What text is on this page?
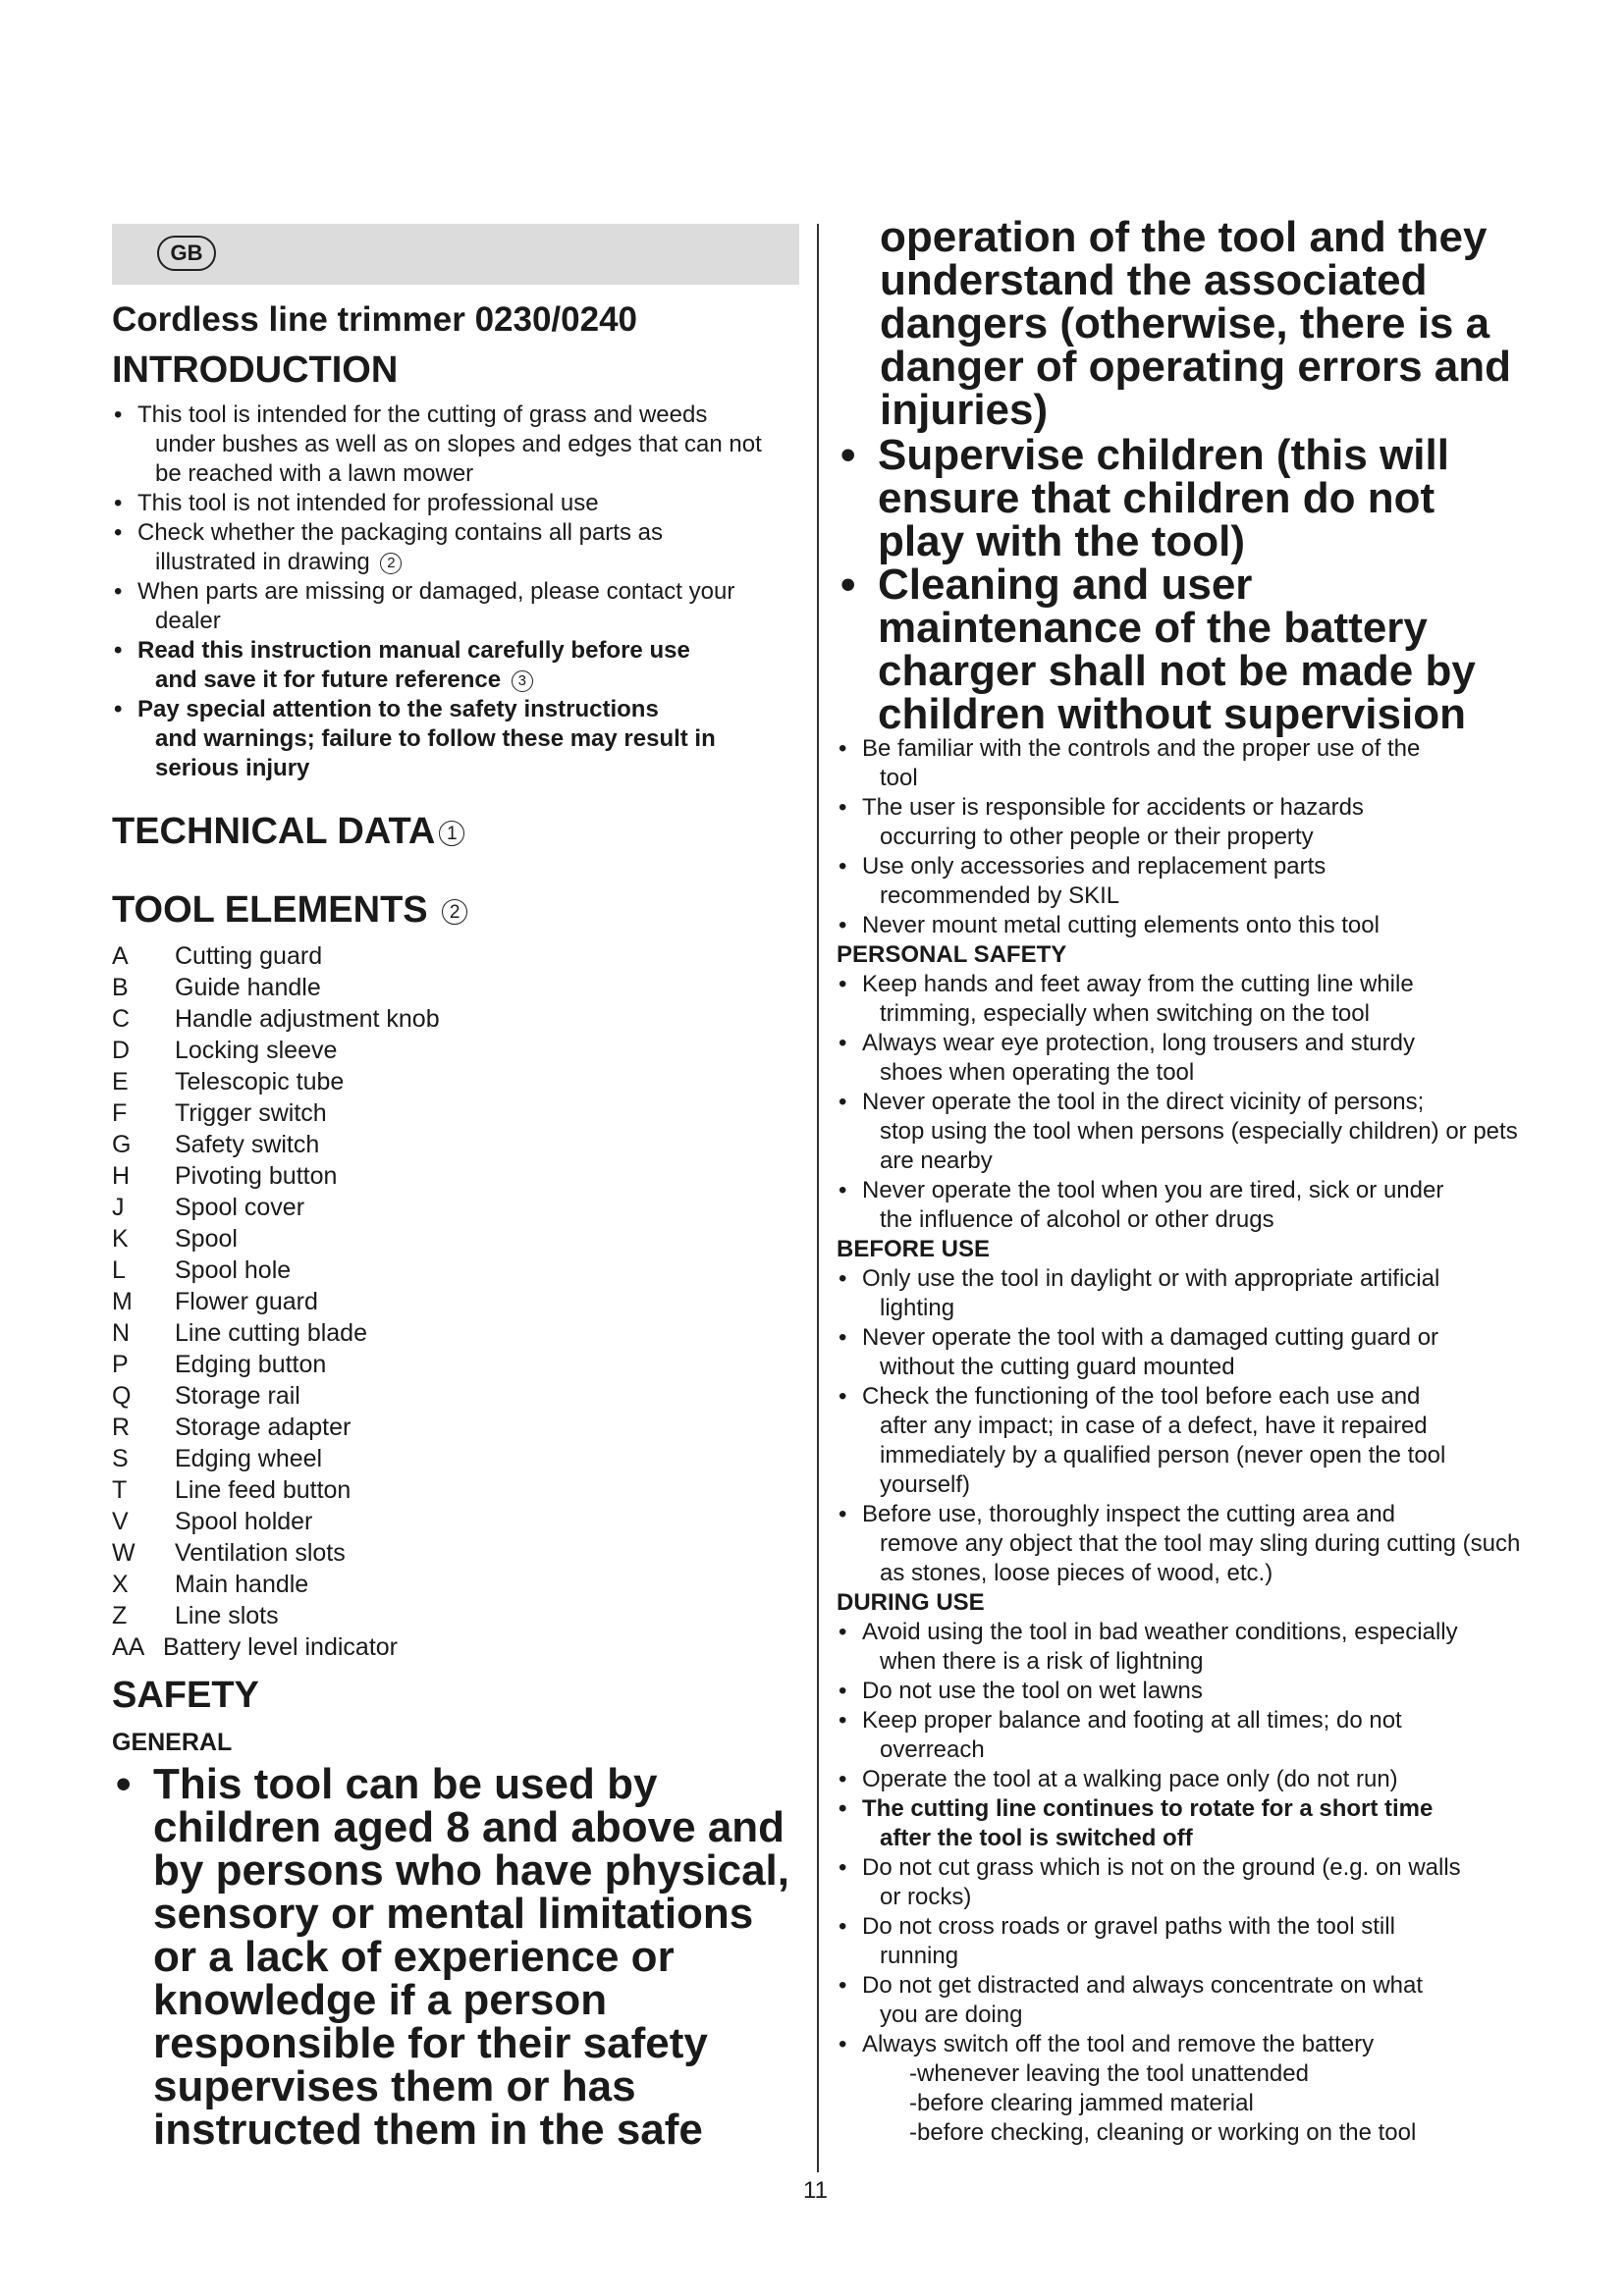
GB
Cordless line trimmer 0230/0240
INTRODUCTION
• This tool is intended for the cutting of grass and weeds
under bushes as well as on slopes and edges that can not be reached with a lawn mower
• This tool is not intended for professional use
• Check whether the packaging contains all parts as
illustrated in drawing 2
• When parts are missing or damaged, please contact your
dealer
• Read this instruction manual carefully before use
and save it for future reference 3
• Pay special attention to the safety instructions
and warnings; failure to follow these may result in serious injury
TECHNICAL DATA 1
TOOL ELEMENTS 2
A	Cutting guard
B	Guide handle
C	Handle adjustment knob
D	Locking sleeve
E	Telescopic tube
F	Trigger switch
G	Safety switch
H	Pivoting button
J	Spool cover
K	Spool
L	Spool hole
M	Flower guard
N	Line cutting blade
P	Edging button
Q	Storage rail
R	Storage adapter
S	Edging wheel
T	Line feed button
V	Spool holder
W	Ventilation slots
X	Main handle
Z	Line slots
AA Battery level indicator
SAFETY
GENERAL
• This tool can be used by children aged 8 and above and by persons who have physical, sensory or mental limitations or a lack of experience or knowledge if a person responsible for their safety supervises them or has instructed them in the safe
11
operation of the tool and they understand the associated dangers (otherwise, there is a danger of operating errors and injuries)
• Supervise children (this will ensure that children do not play with the tool)
• Cleaning and user maintenance of the battery charger shall not be made by children without supervision
• Be familiar with the controls and the proper use of the
tool
• The user is responsible for accidents or hazards
occurring to other people or their property
• Use only accessories and replacement parts
recommended by SKIL
• Never mount metal cutting elements onto this tool
PERSONAL SAFETY
• Keep hands and feet away from the cutting line while
trimming, especially when switching on the tool
• Always wear eye protection, long trousers and sturdy
shoes when operating the tool
• Never operate the tool in the direct vicinity of persons;
stop using the tool when persons (especially children) or pets are nearby
• Never operate the tool when you are tired, sick or under
the influence of alcohol or other drugs
BEFORE USE
• Only use the tool in daylight or with appropriate artificial
lighting
• Never operate the tool with a damaged cutting guard or
without the cutting guard mounted
• Check the functioning of the tool before each use and
after any impact; in case of a defect, have it repaired immediately by a qualified person (never open the tool yourself)
• Before use, thoroughly inspect the cutting area and
remove any object that the tool may sling during cutting (such as stones, loose pieces of wood, etc.)
DURING USE
• Avoid using the tool in bad weather conditions, especially
when there is a risk of lightning
• Do not use the tool on wet lawns
• Keep proper balance and footing at all times; do not
overreach
• Operate the tool at a walking pace only (do not run)
• The cutting line continues to rotate for a short time
after the tool is switched off
• Do not cut grass which is not on the ground (e.g. on walls
or rocks)
• Do not cross roads or gravel paths with the tool still
running
• Do not get distracted and always concentrate on what
you are doing
• Always switch off the tool and remove the battery
-whenever leaving the tool unattended
-before clearing jammed material
-before checking, cleaning or working on the tool
